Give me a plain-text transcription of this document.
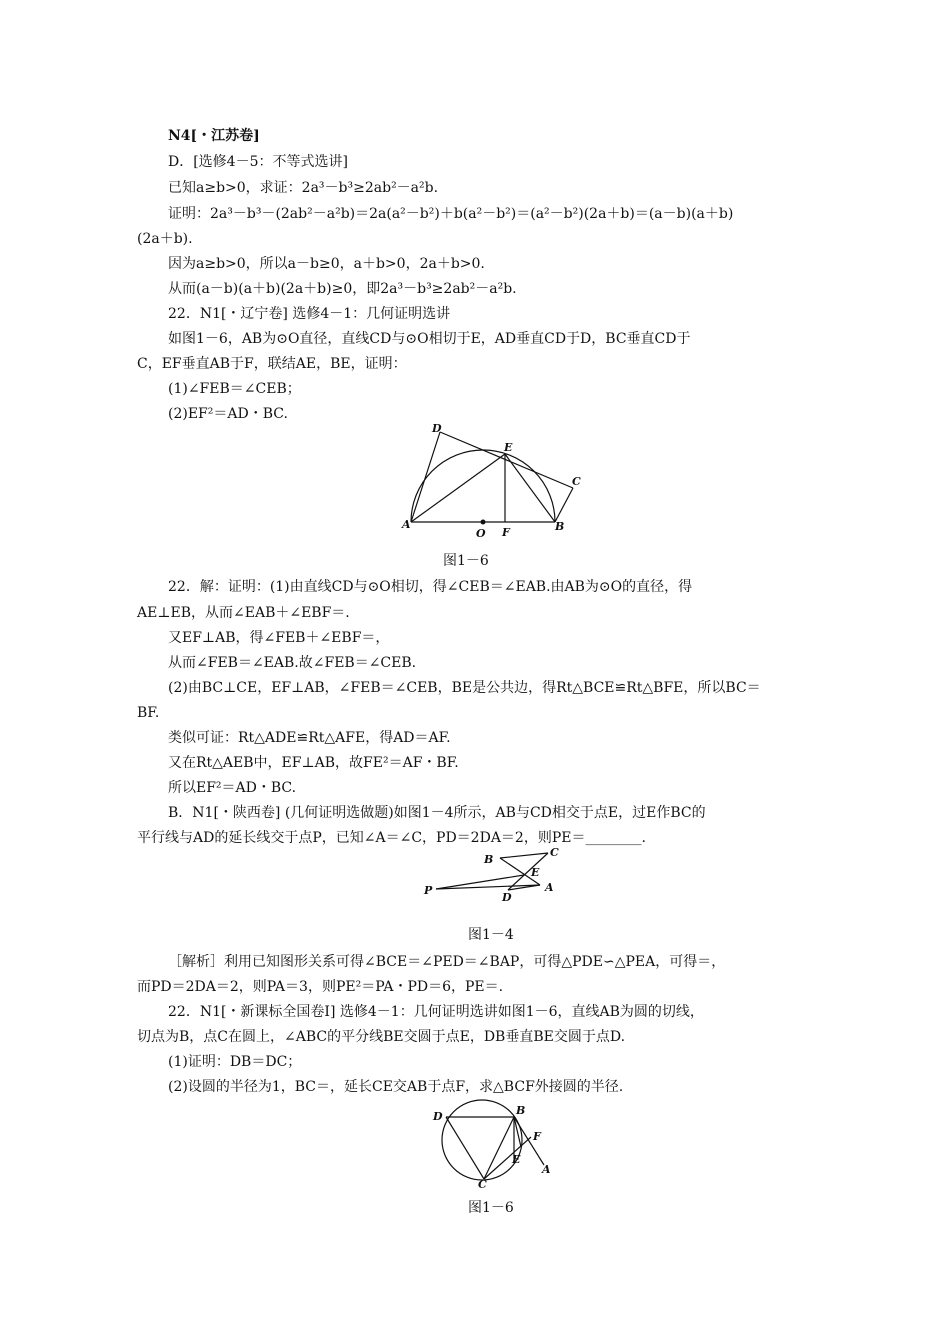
N4[・江苏卷]
D．[选修4－5：不等式选讲]
已知a≥b>0，求证：2a³－b³≥2ab²－a²b.
证明：2a³－b³－(2ab²－a²b)＝2a(a²－b²)＋b(a²－b²)＝(a²－b²)(2a＋b)＝(a－b)(a＋b)
(2a＋b).
因为a≥b>0，所以a－b≥0，a＋b>0，2a＋b>0.
从而(a－b)(a＋b)(2a＋b)≥0，即2a³－b³≥2ab²－a²b.
22．N1[・辽宁卷] 选修4－1：几何证明选讲
如图1－6，AB为⊙O直径，直线CD与⊙O相切于E，AD垂直CD于D，BC垂直CD于
C，EF垂直AB于F，联结AE，BE，证明：
(1)∠FEB＝∠CEB；
(2)EF²＝AD・BC.
D
E
C
A
O F	B
图1－6
22．解：证明：(1)由直线CD与⊙O相切，得∠CEB＝∠EAB.由AB为⊙O的直径，得
AE⊥EB，从而∠EAB＋∠EBF＝.
又EF⊥AB，得∠FEB＋∠EBF＝，
从而∠FEB＝∠EAB.故∠FEB＝∠CEB.
(2)由BC⊥CE，EF⊥AB，∠FEB＝∠CEB，BE是公共边，得Rt△BCE≌Rt△BFE，所以BC＝
BF.
类似可证：Rt△ADE≌Rt△AFE，得AD＝AF.
又在Rt△AEB中，EF⊥AB，故FE²＝AF・BF.
所以EF²＝AD・BC.
B．N1[・陕西卷] (几何证明选做题)如图1－4所示，AB与CD相交于点E，过E作BC的
平行线与AD的延长线交于点P，已知∠A＝∠C，PD＝2DA＝2，则PE＝________.
B
C
E
A
P
D
图1－4
［解析］利用已知图形关系可得∠BCE＝∠PED＝∠BAP，可得△PDE∽△PEA，可得＝，
而PD＝2DA＝2，则PA＝3，则PE²＝PA・PD＝6，PE＝.
22．N1[・新课标全国卷Ⅰ] 选修4－1：几何证明选讲如图1－6，直线AB为圆的切线，
切点为B，点C在圆上，∠ABC的平分线BE交圆于点E，DB垂直BE交圆于点D.
(1)证明：DB＝DC；
(2)设圆的半径为1，BC＝，延长CE交AB于点F，求△BCF外接圆的半径.
D	B
F
E
A
C
图1－6
